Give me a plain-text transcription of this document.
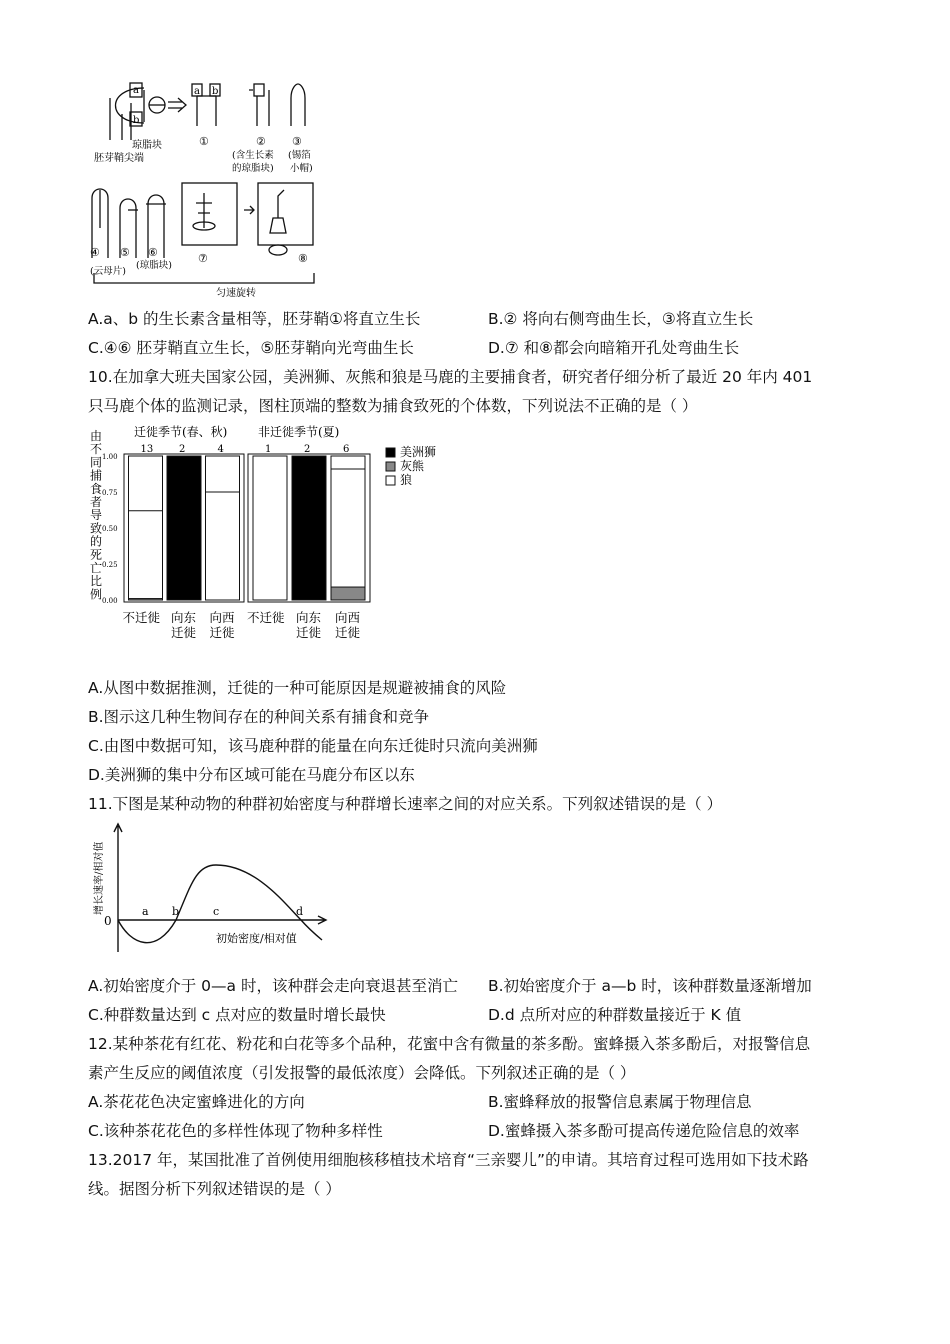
a
b
a b
琼脂块
胚芽鞘尖端
①	② ③
(含生长素
的琼脂块)
(锡箔
小帽)
④ ⑤ ⑥	⑦	⑧
(云母片)
(琼脂块)
匀速旋转
A.a、b 的生长素含量相等，胚芽鞘①将直立生长	B.② 将向右侧弯曲生长，③将直立生长
C.④⑥ 胚芽鞘直立生长，⑤胚芽鞘向光弯曲生长	D.⑦ 和⑧都会向暗箱开孔处弯曲生长
10.在加拿大班夫国家公园，美洲狮、灰熊和狼是马鹿的主要捕食者，研究者仔细分析了最近 20 年内 401
只马鹿个体的监测记录，图柱顶端的整数为捕食致死的个体数，下列说法不正确的是（ ）
由
不
同
捕
食
者
导
致
的
死
亡
比
例
1.00
0.75
0.50
0.25
0.00
迁徙季节(春、秋)
13
不迁徙
2
向东
迁徙
4
向西
迁徙
非迁徙季节(夏)
1
不迁徙
2
向东
迁徙
6
向西
迁徙
美洲狮
灰熊
狼
A.从图中数据推测，迁徙的一种可能原因是规避被捕食的风险
B.图示这几种生物间存在的种间关系有捕食和竞争
C.由图中数据可知，该马鹿种群的能量在向东迁徙时只流向美洲狮
D.美洲狮的集中分布区域可能在马鹿分布区以东
11.下图是某种动物的种群初始密度与种群增长速率之间的对应关系。下列叙述错误的是（ ）
0
a b	c	d
初始密度/相对值
增长速率/相对值
A.初始密度介于 0—a 时，该种群会走向衰退甚至消亡 B.初始密度介于 a—b 时，该种群数量逐渐增加
C.种群数量达到 c 点对应的数量时增长最快	D.d 点所对应的种群数量接近于 K 值
12.某种茶花有红花、粉花和白花等多个品种，花蜜中含有微量的茶多酚。蜜蜂摄入茶多酚后，对报警信息
素产生反应的阈值浓度（引发报警的最低浓度）会降低。下列叙述正确的是（ ）
A.茶花花色决定蜜蜂进化的方向	B.蜜蜂释放的报警信息素属于物理信息
C.该种茶花花色的多样性体现了物种多样性	D.蜜蜂摄入茶多酚可提高传递危险信息的效率
13.2017 年，某国批准了首例使用细胞核移植技术培育“三亲婴儿”的申请。其培育过程可选用如下技术路
线。据图分析下列叙述错误的是（ ）
